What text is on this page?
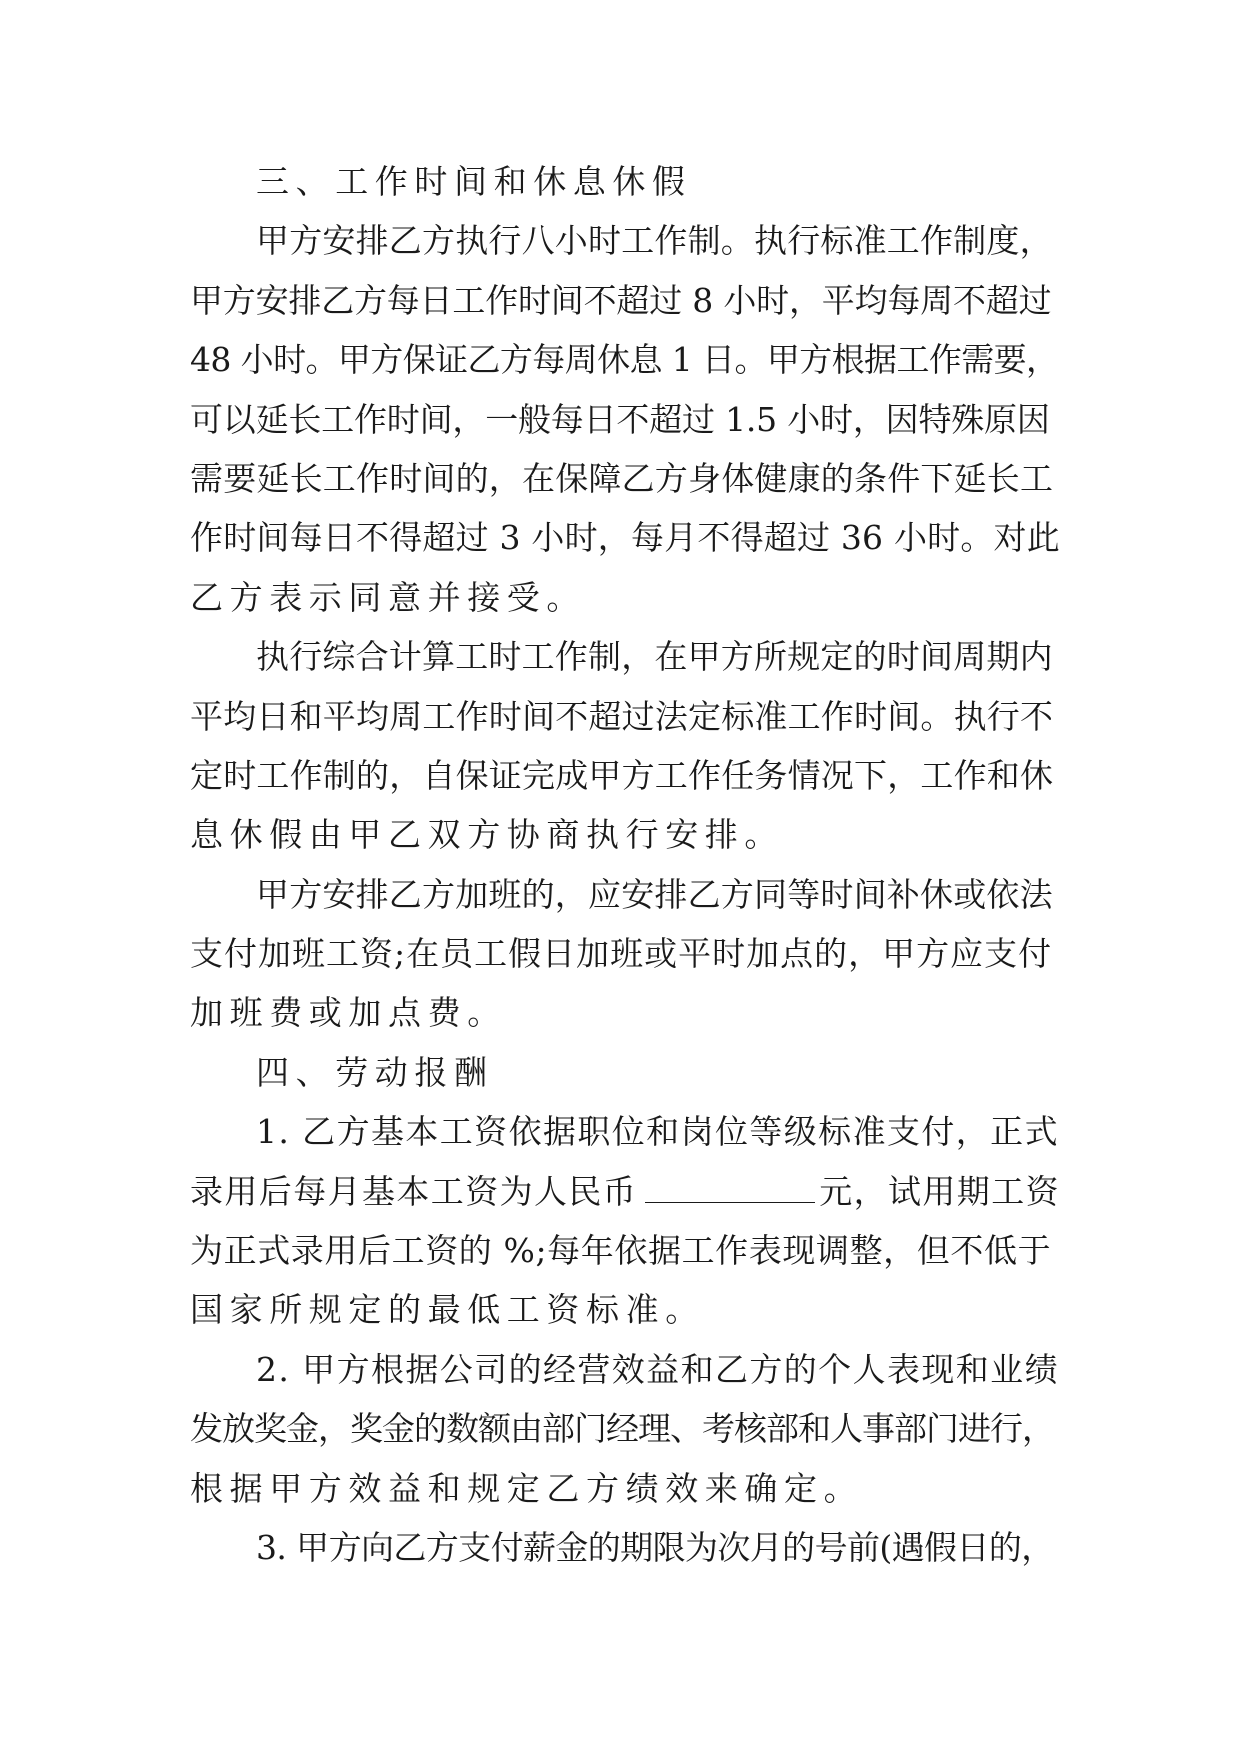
三、工作时间和休息休假

甲方安排乙方执行八小时工作制。执行标准工作制度，

甲方安排乙方每日工作时间不超过 8 小时，平均每周不超过

48 小时。甲方保证乙方每周休息 1 日。甲方根据工作需要，

可以延长工作时间，一般每日不超过 1.5 小时，因特殊原因

需要延长工作时间的，在保障乙方身体健康的条件下延长工

作时间每日不得超过 3 小时，每月不得超过 36 小时。对此

乙方表示同意并接受。

执行综合计算工时工作制，在甲方所规定的时间周期内

平均日和平均周工作时间不超过法定标准工作时间。执行不

定时工作制的，自保证完成甲方工作任务情况下，工作和休

息休假由甲乙双方协商执行安排。

甲方安排乙方加班的，应安排乙方同等时间补休或依法

支付加班工资;在员工假日加班或平时加点的，甲方应支付

加班费或加点费。

四、劳动报酬

1. 乙方基本工资依据职位和岗位等级标准支付，正式

录用后每月基本工资为人民币	元，试用期工资

为正式录用后工资的 %;每年依据工作表现调整，但不低于

国家所规定的最低工资标准。

2. 甲方根据公司的经营效益和乙方的个人表现和业绩

发放奖金，奖金的数额由部门经理、考核部和人事部门进行，

根据甲方效益和规定乙方绩效来确定。

3. 甲方向乙方支付薪金的期限为次月的号前(遇假日的，
